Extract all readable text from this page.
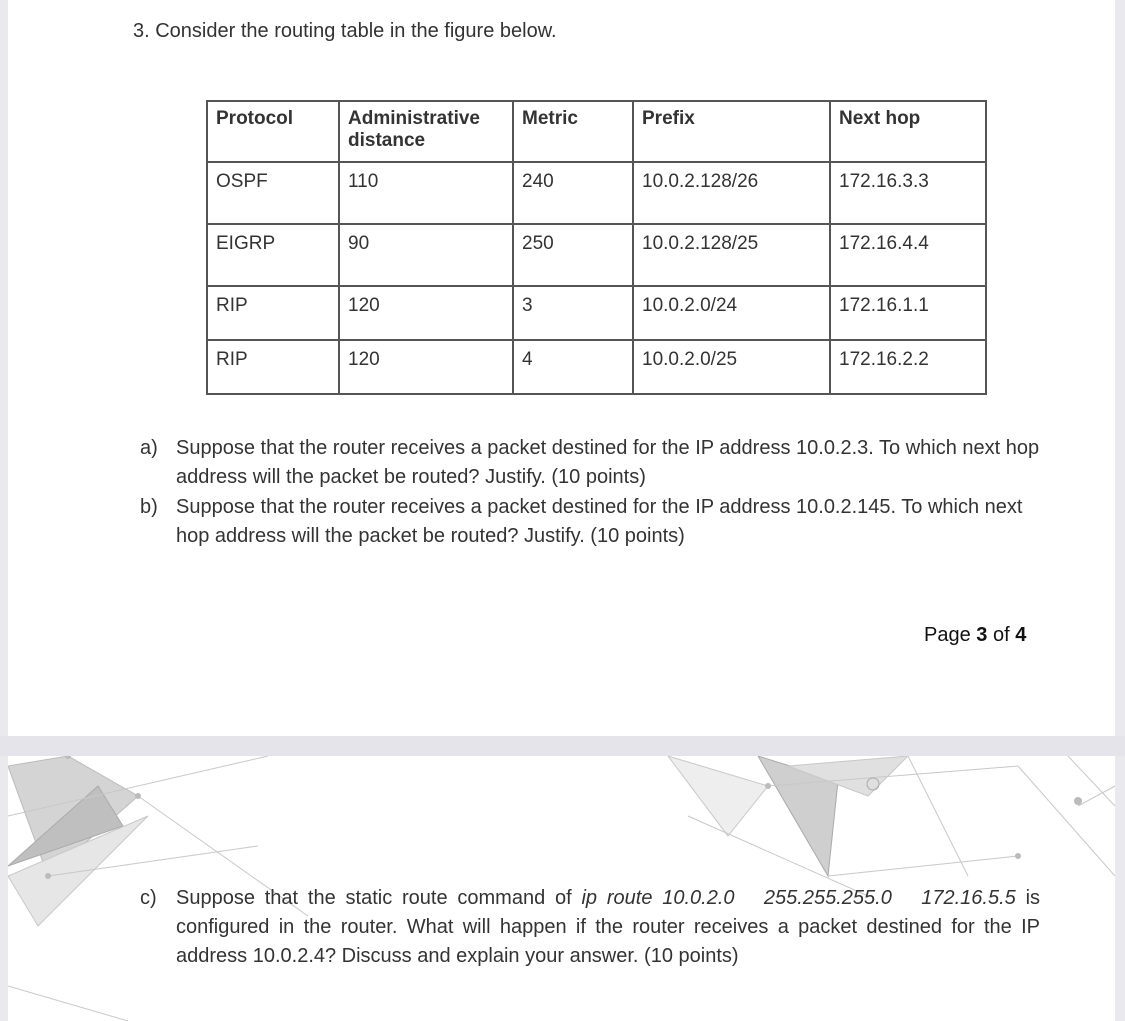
3. Consider the routing table in the figure below.
Protocol	Administrative distance	Metric	Prefix	Next hop
OSPF	110	240	10.0.2.128/26	172.16.3.3
EIGRP	90	250	10.0.2.128/25	172.16.4.4
RIP	120	3	10.0.2.0/24	172.16.1.1
RIP	120	4	10.0.2.0/25	172.16.2.2
a) Suppose that the router receives a packet destined for the IP address 10.0.2.3. To which next hop address will the packet be routed? Justify. (10 points)
b) Suppose that the router receives a packet destined for the IP address 10.0.2.145. To which next hop address will the packet be routed? Justify. (10 points)
Page 3 of 4
c) Suppose that the static route command of ip route 10.0.2.0   255.255.255.0   172.16.5.5 is configured in the router. What will happen if the router receives a packet destined for the IP address 10.0.2.4? Discuss and explain your answer. (10 points)
